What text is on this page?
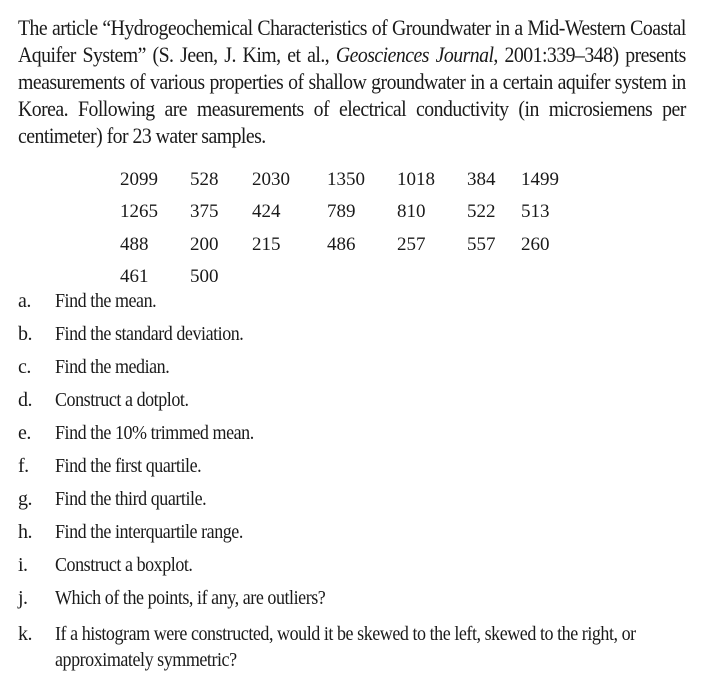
The article “Hydrogeochemical Characteristics of Groundwater in a Mid-Western Coastal
Aquifer System” (S. Jeen, J. Kim, et al., Geosciences Journal, 2001:339–348) presents
measurements of various properties of shallow groundwater in a certain aquifer system in
Korea. Following are measurements of electrical conductivity (in microsiemens per
centimeter) for 23 water samples.
2099	528	2030	1350	1018	384	1499
1265	375	424	789	810	522	513
488	200	215	486	257	557	260
461	500					
a. Find the mean.
b. Find the standard deviation.
c. Find the median.
d. Construct a dotplot.
e. Find the 10% trimmed mean.
f. Find the first quartile.
g. Find the third quartile.
h. Find the interquartile range.
i. Construct a boxplot.
j. Which of the points, if any, are outliers?
k. If a histogram were constructed, would it be skewed to the left, skewed to the right, or
approximately symmetric?
